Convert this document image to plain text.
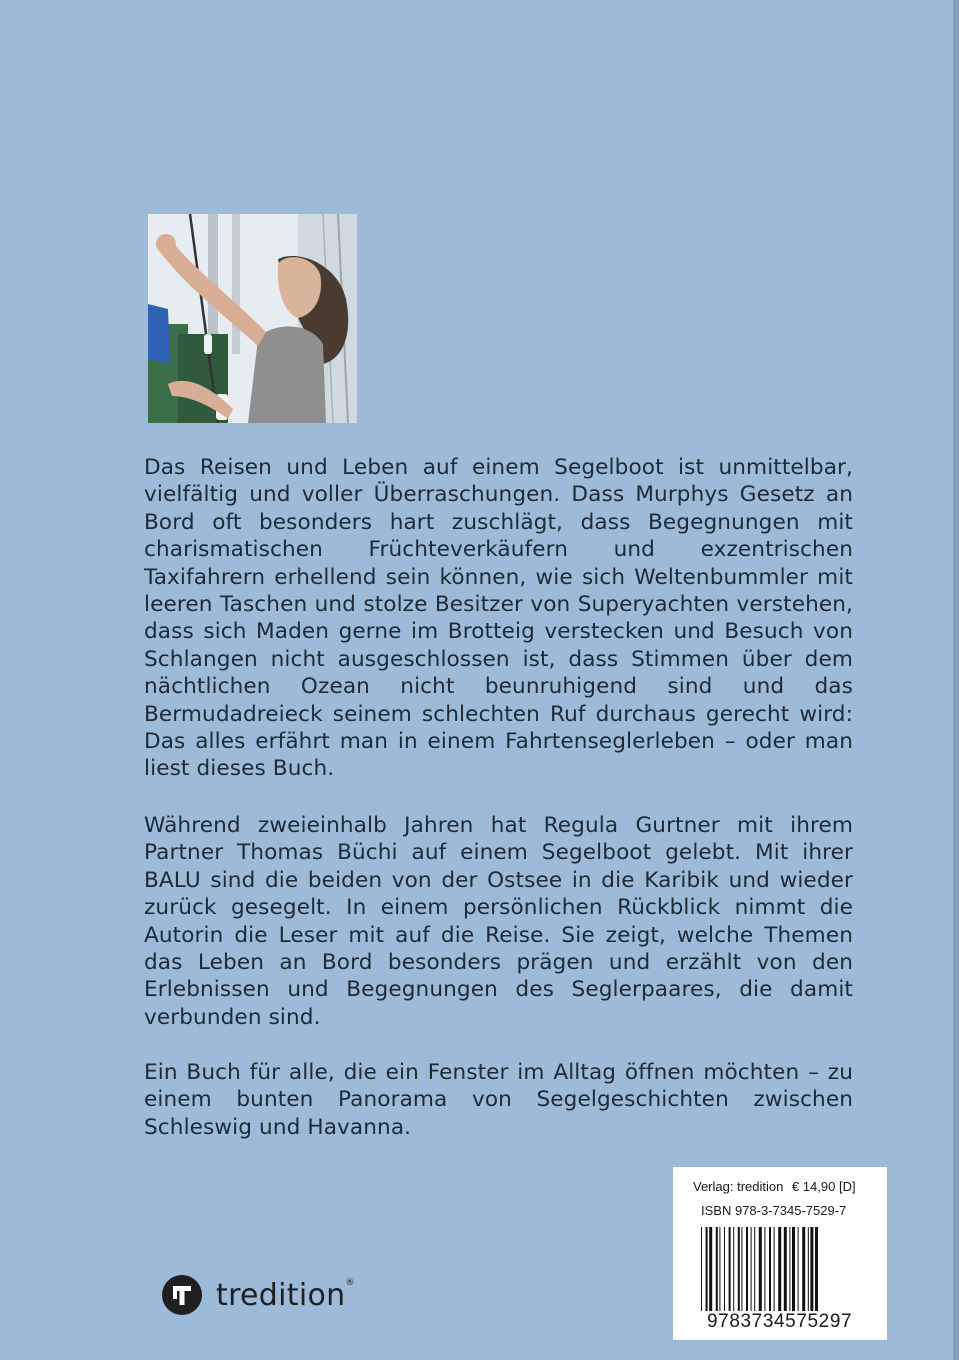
Das Reisen und Leben auf einem Segelboot ist unmittelbar, vielfältig und voller Überraschungen. Dass Murphys Gesetz an Bord oft besonders hart zuschlägt, dass Begegnungen mit charismatischen Früchteverkäufern und exzentrischen Taxifahrern erhellend sein können, wie sich Weltenbummler mit leeren Taschen und stolze Besitzer von Superyachten verstehen, dass sich Maden gerne im Brotteig verstecken und Besuch von Schlangen nicht ausgeschlossen ist, dass Stimmen über dem nächtlichen Ozean nicht beunruhigend sind und das Bermudadreieck seinem schlechten Ruf durchaus gerecht wird: Das alles erfährt man in einem Fahrtenseglerleben – oder man liest dieses Buch.

Während zweieinhalb Jahren hat Regula Gurtner mit ihrem Partner Thomas Büchi auf einem Segelboot gelebt. Mit ihrer BALU sind die beiden von der Ostsee in die Karibik und wieder zurück gesegelt. In einem persönlichen Rückblick nimmt die Autorin die Leser mit auf die Reise. Sie zeigt, welche Themen das Leben an Bord besonders prägen und erzählt von den Erlebnissen und Begegnungen des Seglerpaares, die damit verbunden sind.

Ein Buch für alle, die ein Fenster im Alltag öffnen möchten – zu einem bunten Panorama von Segelgeschichten zwischen Schleswig und Havanna.

tredition®
Verlag: tredition € 14,90 [D]
ISBN 978-3-7345-7529-7
9783734575297
